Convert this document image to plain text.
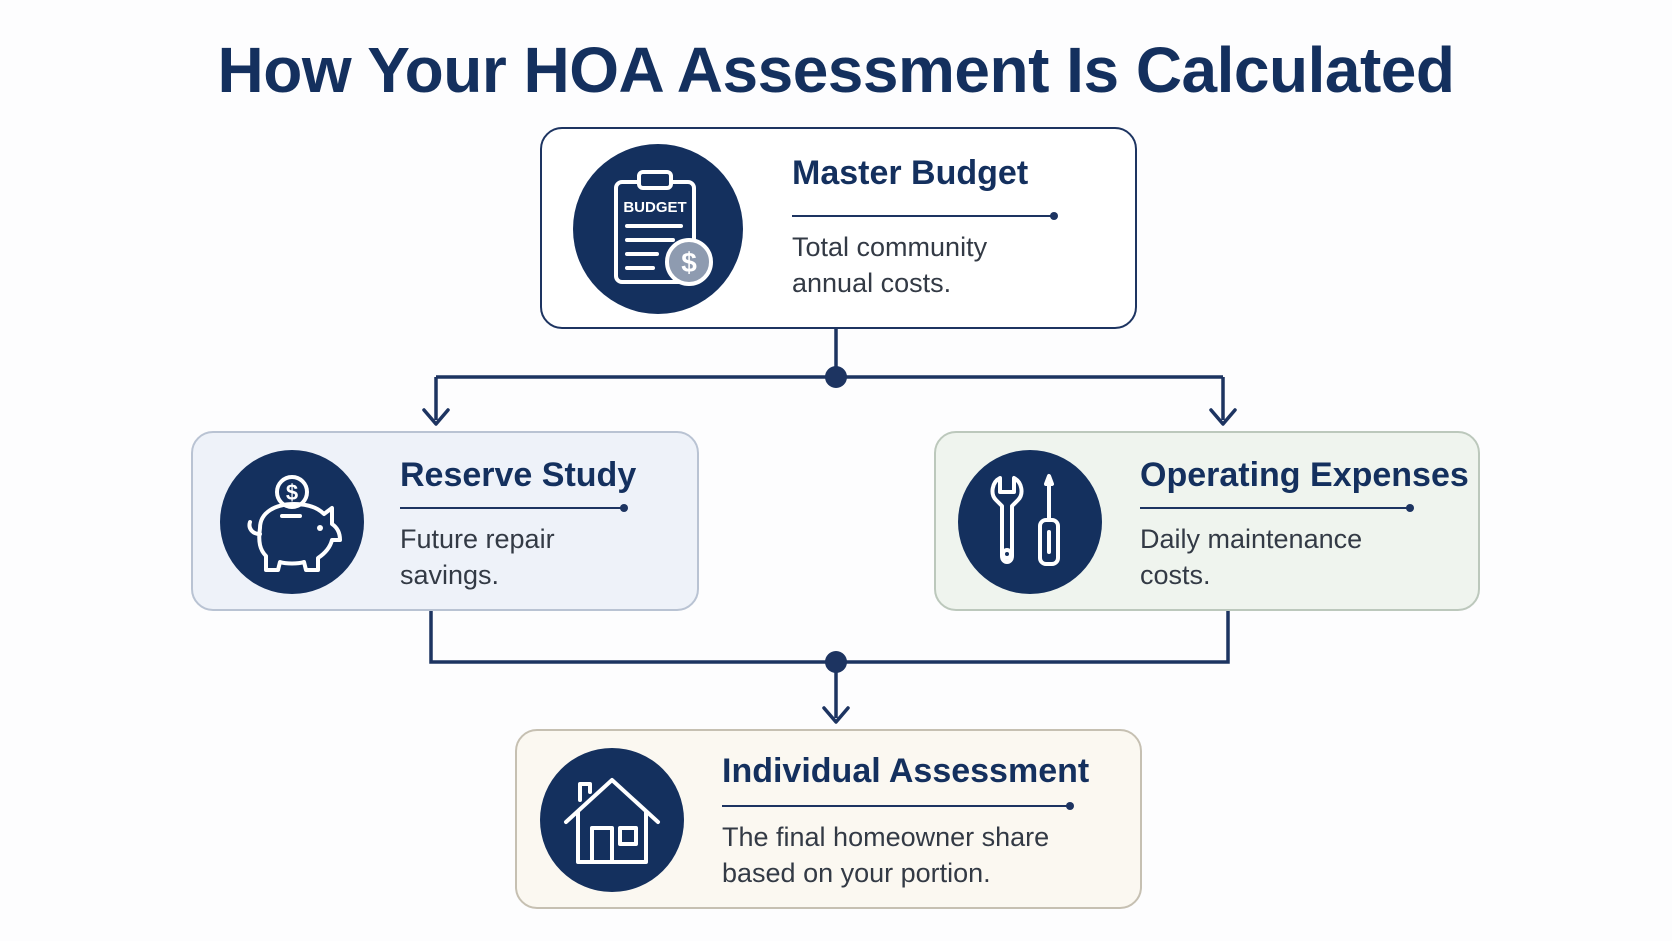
How Your HOA Assessment Is Calculated
BUDGET
$
Master Budget

Total community
annual costs.

$	Reserve Study

Future repair
savings.

Operating Expenses

Daily maintenance
costs.

Individual Assessment

The final homeowner share
based on your portion.
